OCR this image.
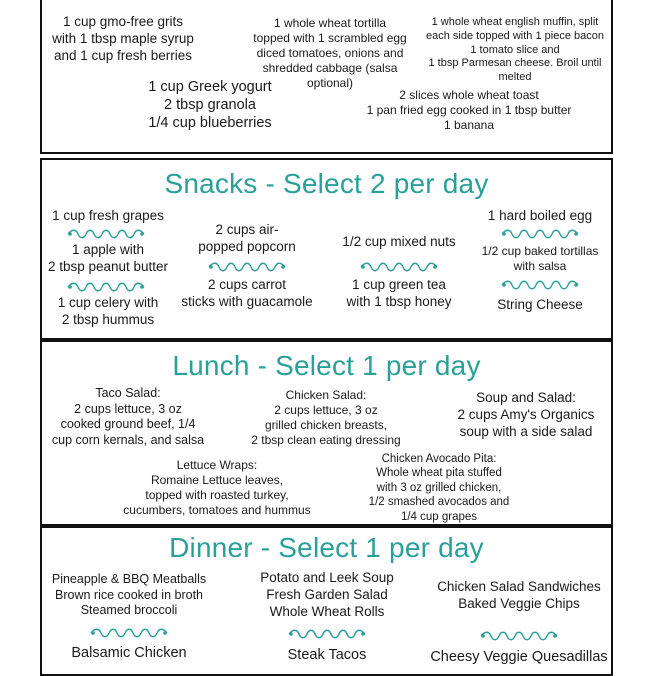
1 cup gmo-free grits
with 1 tbsp maple syrup
and 1 cup fresh berries
1 whole wheat tortilla
topped with 1 scrambled egg
diced tomatoes, onions and
shredded cabbage (salsa optional)
1 whole wheat english muffin, split
each side topped with 1 piece bacon
1 tomato slice and
1 tbsp Parmesan cheese. Broil until melted
1 cup Greek yogurt
2 tbsp granola
1/4 cup blueberries
2 slices whole wheat toast
1 pan fried egg cooked in 1 tbsp butter
1 banana
Snacks - Select 2 per day
1 cup fresh grapes
1 apple with
2 tbsp peanut butter
1 cup celery with
2 tbsp hummus
2 cups air-
popped popcorn
2 cups carrot
sticks with guacamole
1/2 cup mixed nuts
1 cup green tea
with 1 tbsp honey
1 hard boiled egg
1/2 cup baked tortillas
with salsa
String Cheese
Lunch - Select 1 per day
Taco Salad:
2 cups lettuce, 3 oz
cooked ground beef, 1/4
cup corn kernals, and salsa
Chicken Salad:
2 cups lettuce, 3 oz
grilled chicken breasts,
2 tbsp clean eating dressing
Soup and Salad:
2 cups Amy's Organics
soup with a side salad
Lettuce Wraps:
Romaine Lettuce leaves,
topped with roasted turkey,
cucumbers, tomatoes and hummus
Chicken Avocado Pita:
Whole wheat pita stuffed
with 3 oz grilled chicken,
1/2 smashed avocados and
1/4 cup grapes
Dinner - Select 1 per day
Pineapple & BBQ Meatballs
Brown rice cooked in broth
Steamed broccoli
Potato and Leek Soup
Fresh Garden Salad
Whole Wheat Rolls
Chicken Salad Sandwiches
Baked Veggie Chips
Balsamic Chicken	Steak Tacos	Cheesy Veggie Quesadillas
